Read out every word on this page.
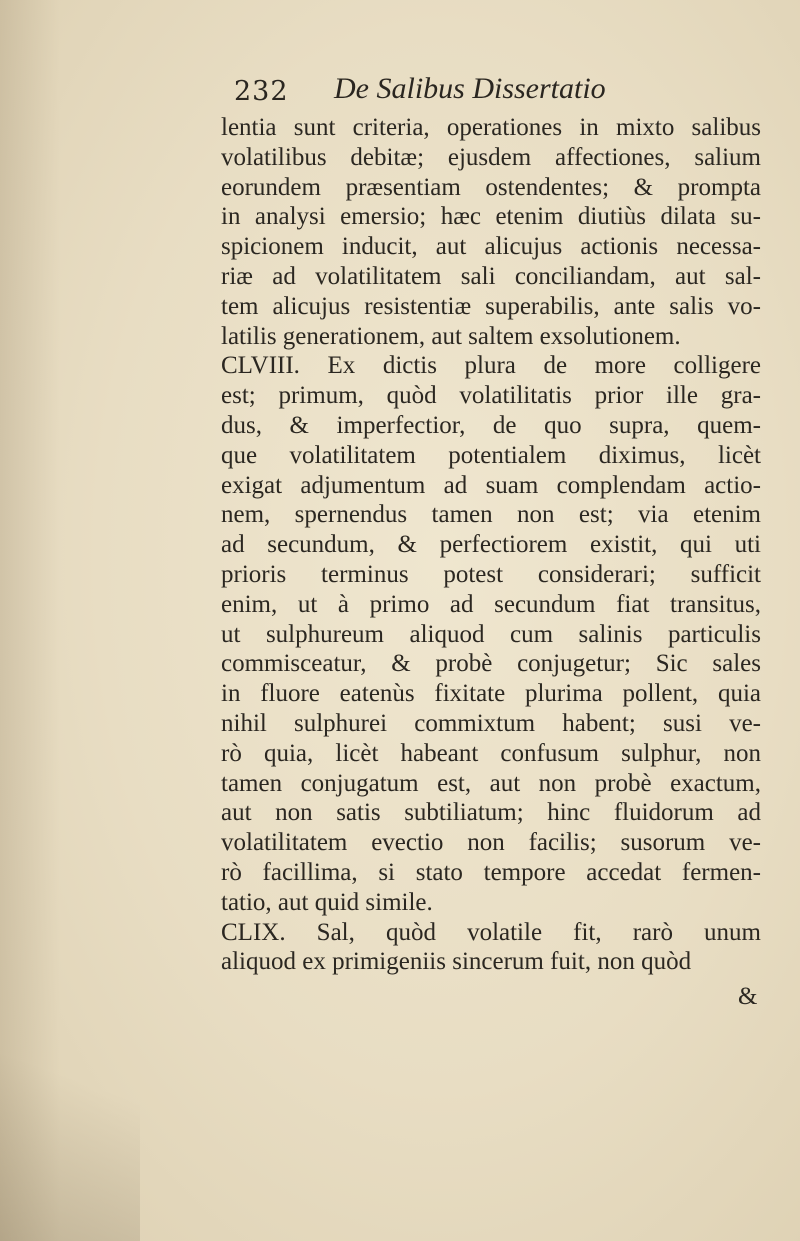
232 De Salibus Dissertatio
lentia sunt criteria, operationes in mixto salibus
volatilibus debitæ; ejusdem affectiones, salium
eorundem præsentiam ostendentes; & prompta
in analysi emersio; hæc etenim diutiùs dilata su-
spicionem inducit, aut alicujus actionis necessa-
riæ ad volatilitatem sali conciliandam, aut sal-
tem alicujus resistentiæ superabilis, ante salis vo-
latilis generationem, aut saltem exsolutionem.
CLVIII. Ex dictis plura de more colligere
est; primum, quòd volatilitatis prior ille gra-
dus, & imperfectior, de quo supra, quem-
que volatilitatem potentialem diximus, licèt
exigat adjumentum ad suam complendam actio-
nem, spernendus tamen non est; via etenim
ad secundum, & perfectiorem existit, qui uti
prioris terminus potest considerari; sufficit
enim, ut à primo ad secundum fiat transitus,
ut sulphureum aliquod cum salinis particulis
commisceatur, & probè conjugetur; Sic sales
in fluore eatenùs fixitate plurima pollent, quia
nihil sulphurei commixtum habent; susi ve-
rò quia, licèt habeant confusum sulphur, non
tamen conjugatum est, aut non probè exactum,
aut non satis subtiliatum; hinc fluidorum ad
volatilitatem evectio non facilis; susorum ve-
rò facillima, si stato tempore accedat fermen-
tatio, aut quid simile.
CLIX. Sal, quòd volatile fit, rarò unum
aliquod ex primigeniis sincerum fuit, non quòd
&
